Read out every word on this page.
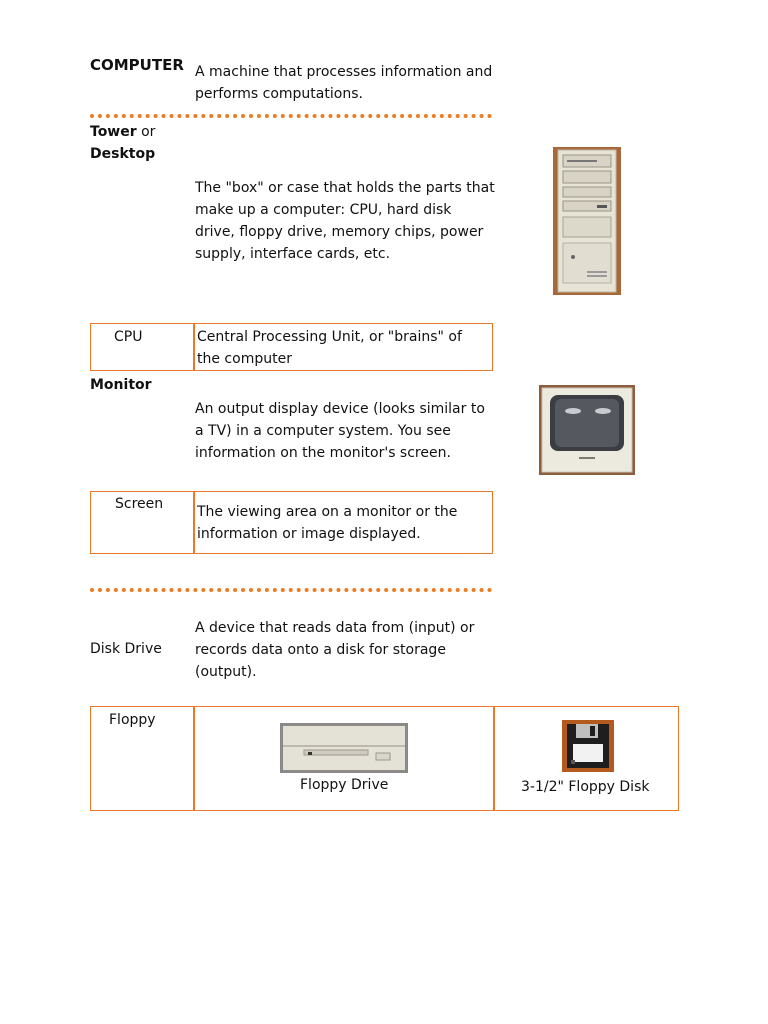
COMPUTER A machine that processes information and performs computations.
Tower or
Desktop
The "box" or case that holds the parts that make up a computer: CPU, hard disk drive, floppy drive, memory chips, power supply, interface cards, etc.
CPU	Central Processing Unit, or "brains" of the computer
Monitor
An output display device (looks similar to a TV) in a computer system. You see information on the monitor's screen.
Screen The viewing area on a monitor or the information or image displayed.
Disk Drive
A device that reads data from (input) or records data onto a disk for storage (output).
Floppy
Floppy Drive	3-1/2" Floppy Disk
